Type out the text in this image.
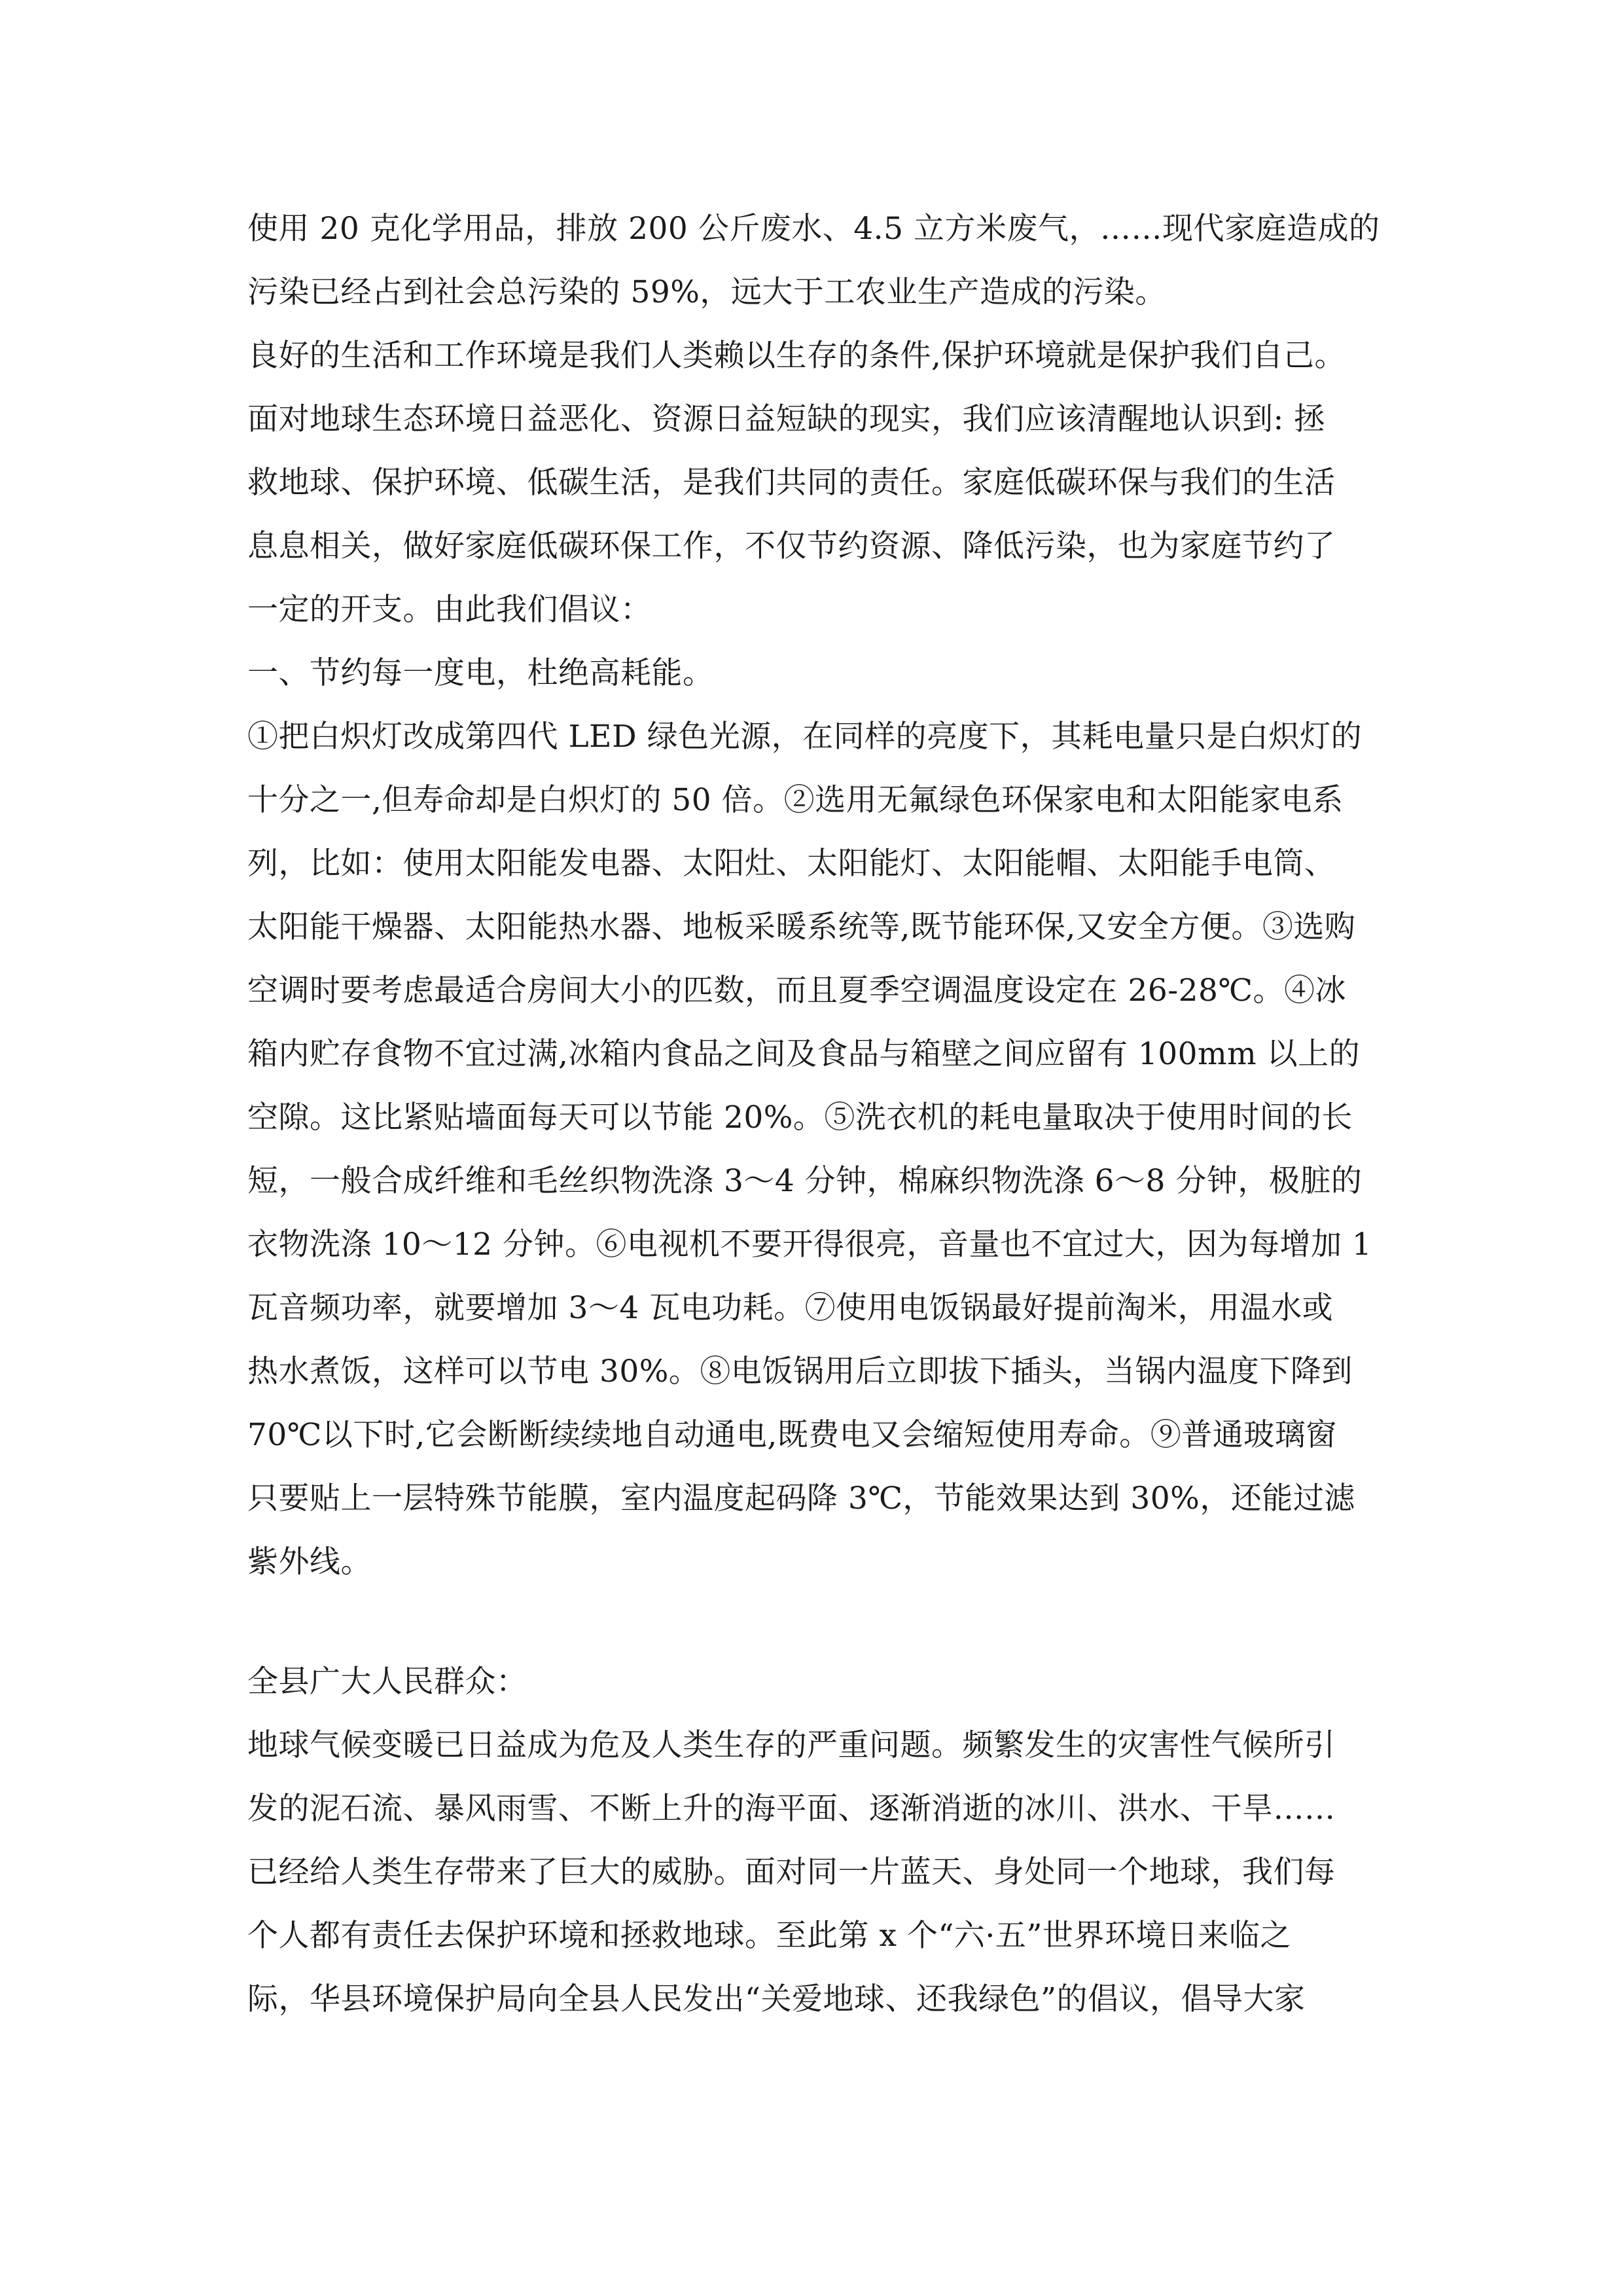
使用 20 克化学用品，排放 200 公斤废水、4.5 立方米废气，……现代家庭造成的
污染已经占到社会总污染的 59%，远大于工农业生产造成的污染。
良好的生活和工作环境是我们人类赖以生存的条件,保护环境就是保护我们自己。
面对地球生态环境日益恶化、资源日益短缺的现实，我们应该清醒地认识到: 拯
救地球、保护环境、低碳生活，是我们共同的责任。家庭低碳环保与我们的生活
息息相关，做好家庭低碳环保工作，不仅节约资源、降低污染，也为家庭节约了
一定的开支。由此我们倡议：
一、节约每一度电，杜绝高耗能。
①把白炽灯改成第四代 LED 绿色光源，在同样的亮度下，其耗电量只是白炽灯的
十分之一,但寿命却是白炽灯的 50 倍。②选用无氟绿色环保家电和太阳能家电系
列，比如：使用太阳能发电器、太阳灶、太阳能灯、太阳能帽、太阳能手电筒、
太阳能干燥器、太阳能热水器、地板采暖系统等,既节能环保,又安全方便。③选购
空调时要考虑最适合房间大小的匹数，而且夏季空调温度设定在 26-28℃。④冰
箱内贮存食物不宜过满,冰箱内食品之间及食品与箱壁之间应留有 100mm 以上的
空隙。这比紧贴墙面每天可以节能 20%。⑤洗衣机的耗电量取决于使用时间的长
短，一般合成纤维和毛丝织物洗涤 3～4 分钟，棉麻织物洗涤 6～8 分钟，极脏的
衣物洗涤 10～12 分钟。⑥电视机不要开得很亮，音量也不宜过大，因为每增加 1
瓦音频功率，就要增加 3～4 瓦电功耗。⑦使用电饭锅最好提前淘米，用温水或
热水煮饭，这样可以节电 30%。⑧电饭锅用后立即拔下插头，当锅内温度下降到
70℃以下时,它会断断续续地自动通电,既费电又会缩短使用寿命。⑨普通玻璃窗
只要贴上一层特殊节能膜，室内温度起码降 3℃，节能效果达到 30%，还能过滤
紫外线。
全县广大人民群众：
地球气候变暖已日益成为危及人类生存的严重问题。频繁发生的灾害性气候所引
发的泥石流、暴风雨雪、不断上升的海平面、逐渐消逝的冰川、洪水、干旱……
已经给人类生存带来了巨大的威胁。面对同一片蓝天、身处同一个地球，我们每
个人都有责任去保护环境和拯救地球。至此第 x 个“六·五”世界环境日来临之
际，华县环境保护局向全县人民发出“关爱地球、还我绿色”的倡议，倡导大家
